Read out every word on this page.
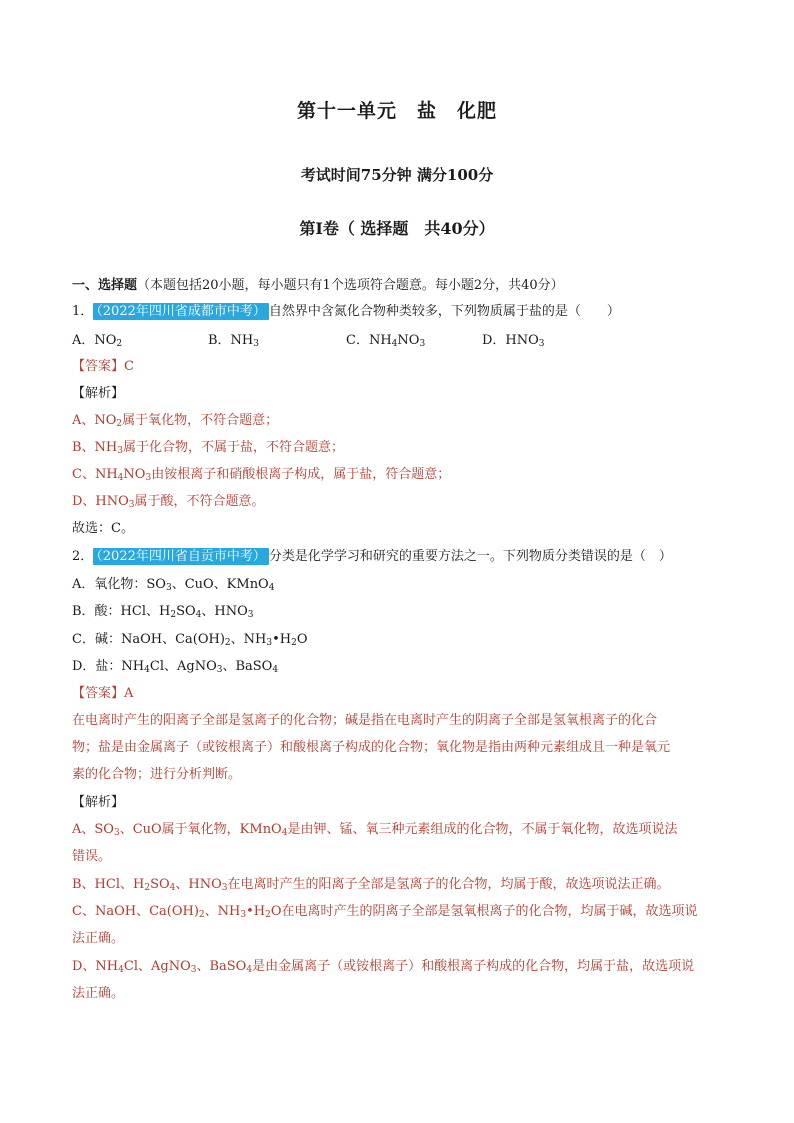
第十一单元　盐　化肥
考试时间75分钟 满分100分
第Ⅰ卷（ 选择题　共40分）
一、选择题（本题包括20小题，每小题只有1个选项符合题意。每小题2分，共40分）
1． （2022年四川省成都市中考） 自然界中含氮化合物种类较多，下列物质属于盐的是（　　）
A．$NO_2$	B．$NH_3$	C．$NH_4NO_3$	D．$HNO_3$
【答案】C
【解析】
A、$NO_2$属于氧化物，不符合题意；
B、$NH_3$属于化合物，不属于盐，不符合题意；
C、$NH_4NO_3$由铵根离子和硝酸根离子构成，属于盐，符合题意；
D、$HNO_3$属于酸，不符合题意。
故选：C。
2． （2022年四川省自贡市中考） 分类是化学学习和研究的重要方法之一。下列物质分类错误的是（　）
A．氧化物：$SO_3$、CuO、KMnO$_4$
B．酸：HCl、$H_2SO_4$、$HNO_3$
C．碱：NaOH、$Ca(OH)_2$、$NH_3•H_2O$
D．盐：$NH_4Cl$、AgNO$_3$、BaSO$_4$
【答案】A
在电离时产生的阳离子全部是氢离子的化合物；碱是指在电离时产生的阴离子全部是氢氧根离子的化合
物；盐是由金属离子（或铵根离子）和酸根离子构成的化合物；氧化物是指由两种元素组成且一种是氧元
素的化合物；进行分析判断。
【解析】
A、$SO_3$、CuO属于氧化物，KMnO$_4$是由钾、锰、氧三种元素组成的化合物，不属于氧化物，故选项说法
错误。
B、HCl、$H_2SO_4$、$HNO_3$在电离时产生的阳离子全部是氢离子的化合物，均属于酸，故选项说法正确。
C、NaOH、$Ca(OH)_2$、$NH_3•H_2O$在电离时产生的阴离子全部是氢氧根离子的化合物，均属于碱，故选项说
法正确。
D、$NH_4Cl$、AgNO$_3$、BaSO$_4$是由金属离子（或铵根离子）和酸根离子构成的化合物，均属于盐，故选项说
法正确。
